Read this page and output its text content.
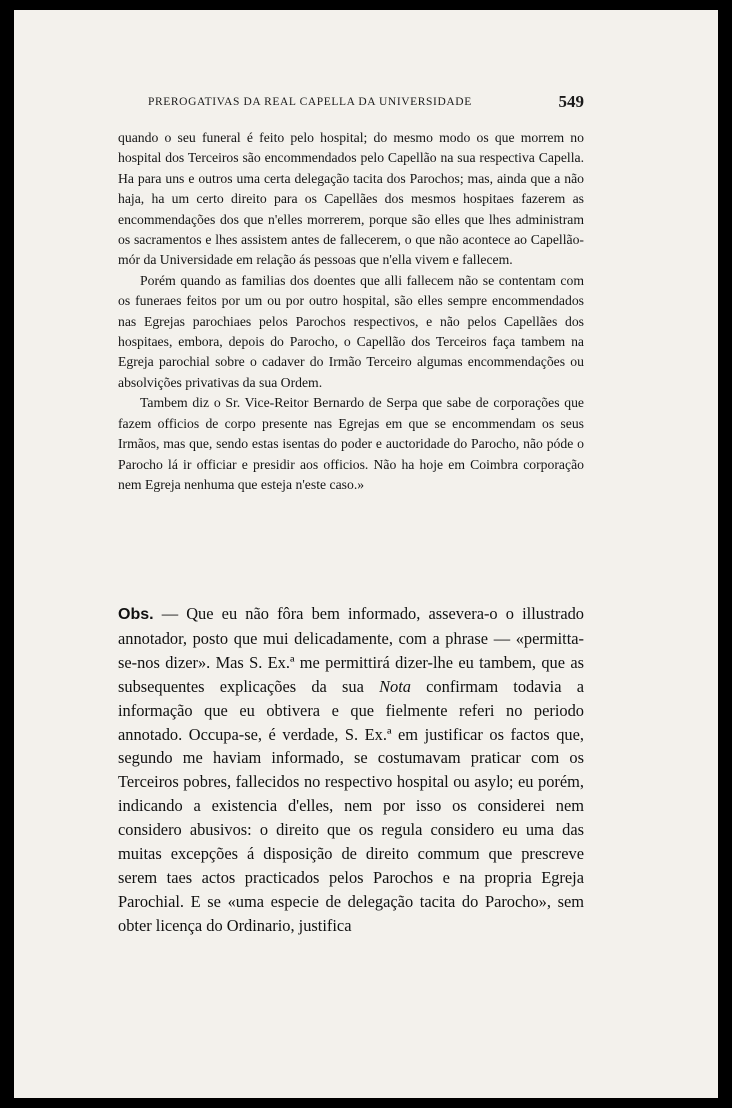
PREROGATIVAS DA REAL CAPELLA DA UNIVERSIDADE	549

quando o seu funeral é feito pelo hospital; do mesmo modo os que morrem no hospital dos Terceiros são encommendados pelo Capellão na sua respectiva Capella. Ha para uns e outros uma certa delegação tacita dos Parochos; mas, ainda que a não haja, ha um certo direito para os Capellães dos mesmos hospitaes fazerem as encommendações dos que n'elles morrerem, porque são elles que lhes administram os sacramentos e lhes assistem antes de fallecerem, o que não acontece ao Capellão-mór da Universidade em relação ás pessoas que n'ella vivem e fallecem.

Porém quando as familias dos doentes que alli fallecem não se contentam com os funeraes feitos por um ou por outro hospital, são elles sempre encommendados nas Egrejas parochiaes pelos Parochos respectivos, e não pelos Capellães dos hospitaes, embora, depois do Parocho, o Capellão dos Terceiros faça tambem na Egreja parochial sobre o cadaver do Irmão Terceiro algumas encommendações ou absolvições privativas da sua Ordem.

Tambem diz o Sr. Vice-Reitor Bernardo de Serpa que sabe de corporações que fazem officios de corpo presente nas Egrejas em que se encommendam os seus Irmãos, mas que, sendo estas isentas do poder e auctoridade do Parocho, não póde o Parocho lá ir officiar e presidir aos officios. Não ha hoje em Coimbra corporação nem Egreja nenhuma que esteja n'este caso.»

Obs. — Que eu não fôra bem informado, assevera-o o illustrado annotador, posto que mui delicadamente, com a phrase — «permitta-se-nos dizer». Mas S. Ex.ª me permittirá dizer-lhe eu tambem, que as subsequentes explicações da sua Nota confirmam todavia a informação que eu obtivera e que fielmente referi no periodo annotado. Occupa-se, é verdade, S. Ex.ª em justificar os factos que, segundo me haviam informado, se costumavam praticar com os Terceiros pobres, fallecidos no respectivo hospital ou asylo; eu porém, indicando a existencia d'elles, nem por isso os considerei nem considero abusivos: o direito que os regula considero eu uma das muitas excepções á disposição de direito commum que prescreve serem taes actos practicados pelos Parochos e na propria Egreja Parochial. E se «uma especie de delegação tacita do Parocho», sem obter licença do Ordinario, justifica
